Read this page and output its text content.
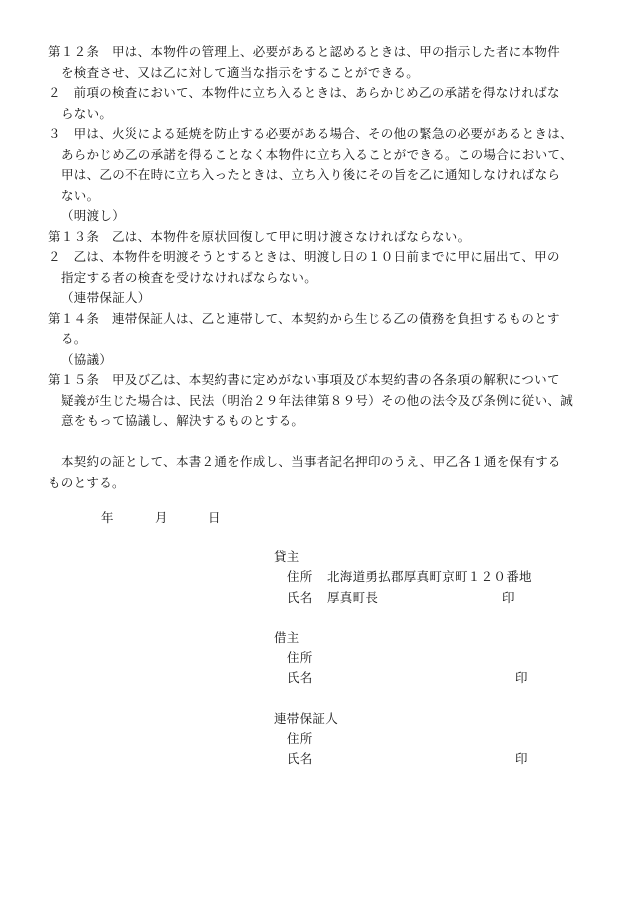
第１２条　甲は、本物件の管理上、必要があると認めるときは、甲の指示した者に本物件
を検査させ、又は乙に対して適当な指示をすることができる。
２　前項の検査において、本物件に立ち入るときは、あらかじめ乙の承諾を得なければな
らない。
３　甲は、火災による延焼を防止する必要がある場合、その他の緊急の必要があるときは、
あらかじめ乙の承諾を得ることなく本物件に立ち入ることができる。この場合において、
甲は、乙の不在時に立ち入ったときは、立ち入り後にその旨を乙に通知しなければなら
ない。
（明渡し）
第１３条　乙は、本物件を原状回復して甲に明け渡さなければならない。
２　乙は、本物件を明渡そうとするときは、明渡し日の１０日前までに甲に届出て、甲の
指定する者の検査を受けなければならない。
（連帯保証人）
第１４条　連帯保証人は、乙と連帯して、本契約から生じる乙の債務を負担するものとす
る。
（協議）
第１５条　甲及び乙は、本契約書に定めがない事項及び本契約書の各条項の解釈について
疑義が生じた場合は、民法（明治２９年法律第８９号）その他の法令及び条例に従い、誠
意をもって協議し、解決するものとする。
本契約の証として、本書２通を作成し、当事者記名押印のうえ、甲乙各１通を保有する
ものとする。
年	月	日
貸主
住所 北海道勇払郡厚真町京町１２０番地
氏名 厚真町長	印
借主
住所
氏名	印
連帯保証人
住所
氏名	印
